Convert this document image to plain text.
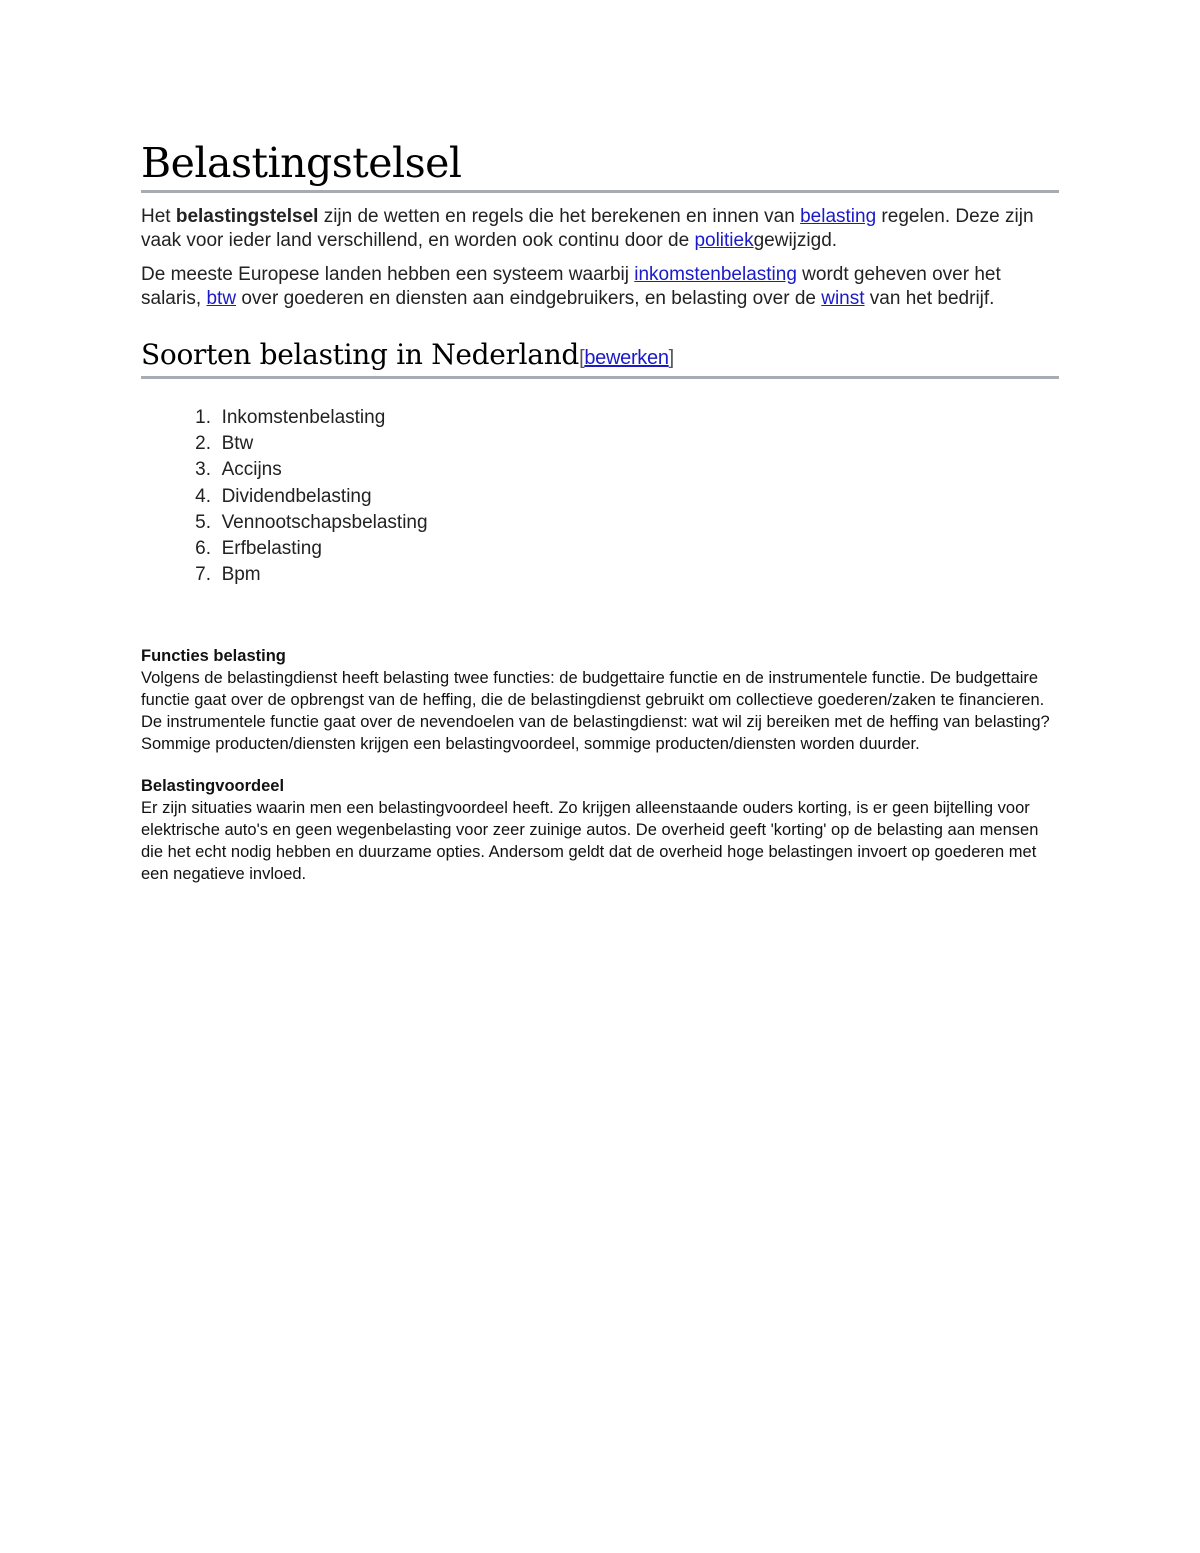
Belastingstelsel

Het belastingstelsel zijn de wetten en regels die het berekenen en innen van belasting regelen. Deze zijn vaak voor ieder land verschillend, en worden ook continu door de politiekgewijzigd.

De meeste Europese landen hebben een systeem waarbij inkomstenbelasting wordt geheven over het salaris, btw over goederen en diensten aan eindgebruikers, en belasting over de winst van het bedrijf.

Soorten belasting in Nederland[bewerken]
1.
Inkomstenbelasting
2.
Btw
3.
Accijns
4.
Dividendbelasting
5.
Vennootschapsbelasting
6.
Erfbelasting
7.
Bpm
Functies belasting

Volgens de belastingdienst heeft belasting twee functies: de budgettaire functie en de instrumentele functie. De budgettaire functie gaat over de opbrengst van de heffing, die de belastingdienst gebruikt om collectieve goederen/zaken te financieren. De instrumentele functie gaat over de nevendoelen van de belastingdienst: wat wil zij bereiken met de heffing van belasting? Sommige producten/diensten krijgen een belastingvoordeel, sommige producten/diensten worden duurder.

Belastingvoordeel

Er zijn situaties waarin men een belastingvoordeel heeft. Zo krijgen alleenstaande ouders korting, is er geen bijtelling voor elektrische auto's en geen wegenbelasting voor zeer zuinige autos. De overheid geeft 'korting' op de belasting aan mensen die het echt nodig hebben en duurzame opties. Andersom geldt dat de overheid hoge belastingen invoert op goederen met een negatieve invloed.
